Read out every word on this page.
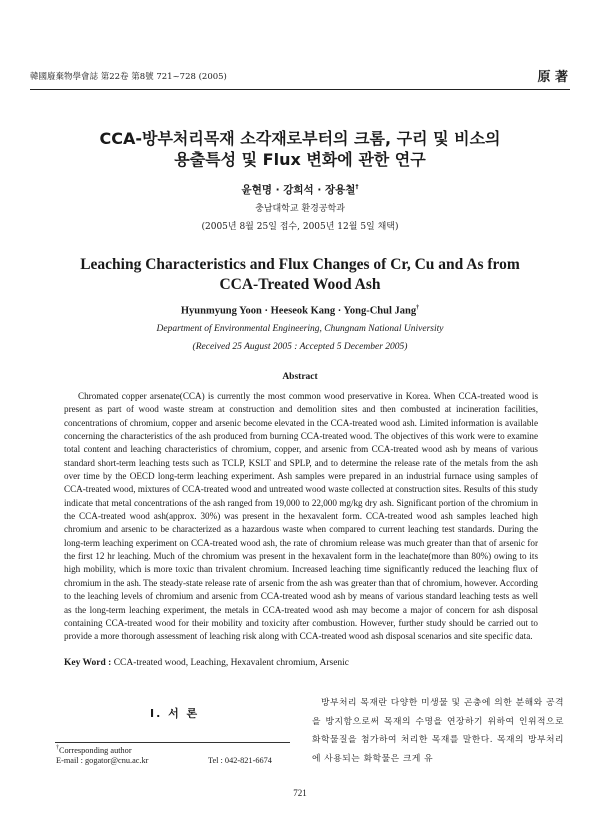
韓國廢棄物學會誌 第22卷 第8號 721~728 (2005)	原 著
CCA-방부처리목재 소각재로부터의 크롬, 구리 및 비소의
용출특성 및 Flux 변화에 관한 연구
윤현명 · 강희석 · 장용철†
충남대학교 환경공학과
(2005년 8월 25일 접수, 2005년 12월 5일 채택)
Leaching Characteristics and Flux Changes of Cr, Cu and As from
CCA-Treated Wood Ash
Hyunmyung Yoon · Heeseok Kang · Yong-Chul Jang†
Department of Environmental Engineering, Chungnam National University
(Received 25 August 2005 : Accepted 5 December 2005)
Abstract

Chromated copper arsenate(CCA) is currently the most common wood preservative in Korea. When CCA-treated wood is present as part of wood waste stream at construction and demolition sites and then combusted at incineration facilities, concentrations of chromium, copper and arsenic become elevated in the CCA-treated wood ash. Limited information is available concerning the characteristics of the ash produced from burning CCA-treated wood. The objectives of this work were to examine total content and leaching characteristics of chromium, copper, and arsenic from CCA-treated wood ash by means of various standard short-term leaching tests such as TCLP, KSLT and SPLP, and to determine the release rate of the metals from the ash over time by the OECD long-term leaching experiment. Ash samples were prepared in an industrial furnace using samples of CCA-treated wood, mixtures of CCA-treated wood and untreated wood waste collected at construction sites. Results of this study indicate that metal concentrations of the ash ranged from 19,000 to 22,000 mg/kg dry ash. Significant portion of the chromium in the CCA-treated wood ash(approx. 30%) was present in the hexavalent form. CCA-treated wood ash samples leached high chromium and arsenic to be characterized as a hazardous waste when compared to current leaching test standards. During the long-term leaching experiment on CCA-treated wood ash, the rate of chromium release was much greater than that of arsenic for the first 12 hr leaching. Much of the chromium was present in the hexavalent form in the leachate(more than 80%) owing to its high mobility, which is more toxic than trivalent chromium. Increased leaching time significantly reduced the leaching flux of chromium in the ash. The steady-state release rate of arsenic from the ash was greater than that of chromium, however. According to the leaching levels of chromium and arsenic from CCA-treated wood ash by means of various standard leaching tests as well as the long-term leaching experiment, the metals in CCA-treated wood ash may become a major of concern for ash disposal containing CCA-treated wood for their mobility and toxicity after combustion. However, further study should be carried out to provide a more thorough assessment of leaching risk along with CCA-treated wood ash disposal scenarios and site specific data.

Key Word : CCA-treated wood, Leaching, Hexavalent chromium, Arsenic
I. 서 론

방부처리 목재란 다양한 미생물 및 곤충에 의한 분해와 공격을 방지함으로써 목재의 수명을 연장하기 위하여 인위적으로 화학물질을 첨가하여 처리한 목재를 말한다. 목재의 방부처리에 사용되는 화학물은 크게 유

†Corresponding author
E-mail : gogator@cnu.ac.kr	Tel : 042-821-6674
721
